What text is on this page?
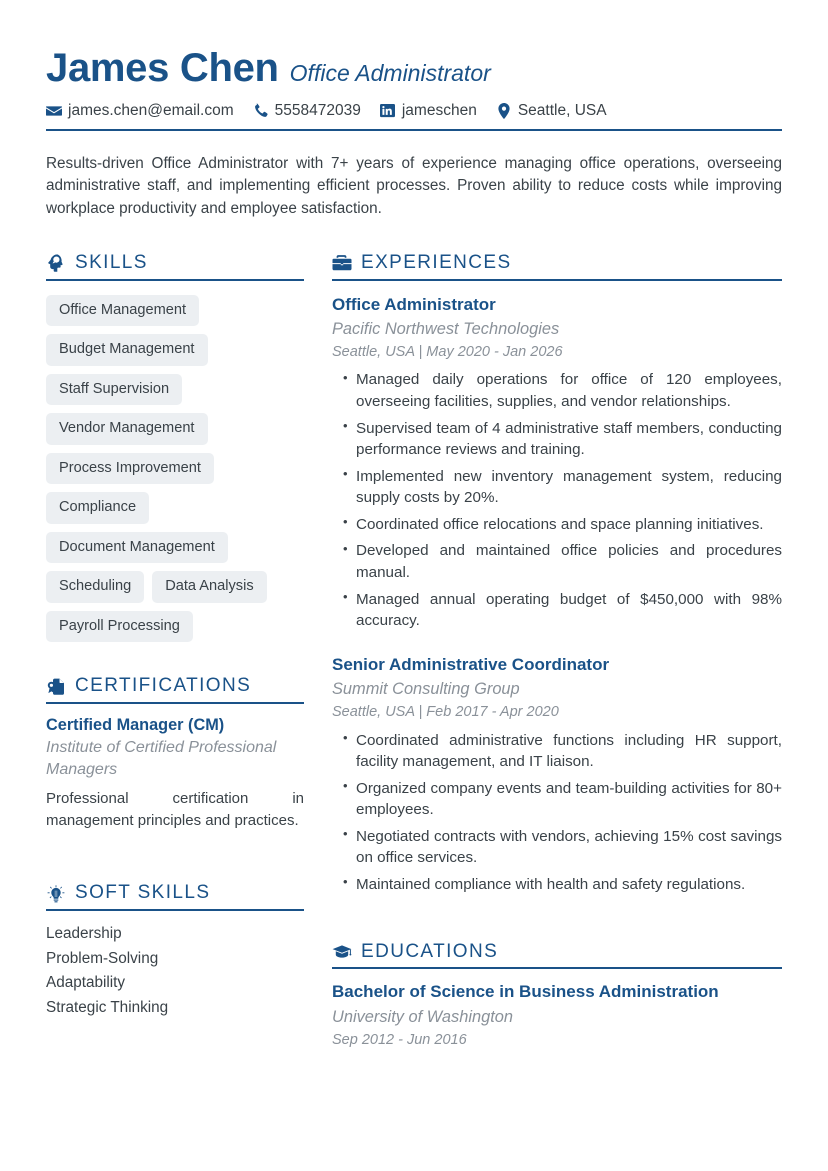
James Chen Office Administrator
james.chen@email.com	5558472039	jameschen	Seattle, USA
Results-driven Office Administrator with 7+ years of experience managing office operations, overseeing administrative staff, and implementing efficient processes. Proven ability to reduce costs while improving workplace productivity and employee satisfaction.
SKILLS
Office Management
Budget Management
Staff Supervision
Vendor Management
Process Improvement
Compliance
Document Management
Scheduling	Data Analysis
Payroll Processing
CERTIFICATIONS
Certified Manager (CM)
Institute of Certified Professional Managers
Professional certification in management principles and practices.
SOFT SKILLS
Leadership
Problem-Solving
Adaptability
Strategic Thinking
EXPERIENCES
Office Administrator
Pacific Northwest Technologies
Seattle, USA | May 2020 - Jan 2026
• Managed daily operations for office of 120 employees, overseeing facilities, supplies, and vendor relationships.
• Supervised team of 4 administrative staff members, conducting performance reviews and training.
• Implemented new inventory management system, reducing supply costs by 20%.
• Coordinated office relocations and space planning initiatives.
• Developed and maintained office policies and procedures manual.
• Managed annual operating budget of $450,000 with 98% accuracy.
Senior Administrative Coordinator
Summit Consulting Group
Seattle, USA | Feb 2017 - Apr 2020
• Coordinated administrative functions including HR support, facility management, and IT liaison.
• Organized company events and team-building activities for 80+ employees.
• Negotiated contracts with vendors, achieving 15% cost savings on office services.
• Maintained compliance with health and safety regulations.
EDUCATIONS
Bachelor of Science in Business Administration
University of Washington
Sep 2012 - Jun 2016
